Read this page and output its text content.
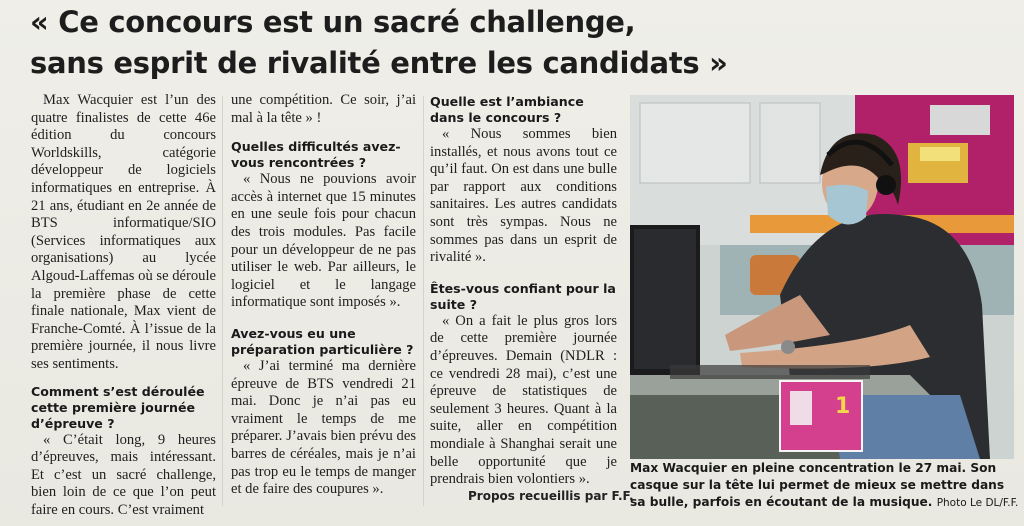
« Ce concours est un sacré challenge,
sans esprit de rivalité entre les candidats »

Max Wacquier est l’un des quatre finalistes de cette 46e édition du concours Worldskills, catégorie développeur de logiciels informatiques en entreprise. À 21 ans, étudiant en 2e année de BTS informatique/SIO (Services informatiques aux organisations) au lycée Algoud-Laffemas où se déroule la première phase de cette finale nationale, Max vient de Franche-Comté. À l’issue de la première journée, il nous livre ses sentiments.

Comment s’est déroulée cette première journée d’épreuve ?

« C’était long, 9 heures d’épreuves, mais intéressant. Et c’est un sacré challenge, bien loin de ce que l’on peut faire en cours. C’est vraiment

une compétition. Ce soir, j’ai mal à la tête » !

Quelles difficultés avez-vous rencontrées ?

« Nous ne pouvions avoir accès à internet que 15 minutes en une seule fois pour chacun des trois modules. Pas facile pour un développeur de ne pas utiliser le web. Par ailleurs, le logiciel et le langage informatique sont imposés ».

Avez-vous eu une préparation particulière ?

« J’ai terminé ma dernière épreuve de BTS vendredi 21 mai. Donc je n’ai pas eu vraiment le temps de me préparer. J’avais bien prévu des barres de céréales, mais je n’ai pas trop eu le temps de manger et de faire des coupures ».

Quelle est l’ambiance dans le concours ?

« Nous sommes bien installés, et nous avons tout ce qu’il faut. On est dans une bulle par rapport aux conditions sanitaires. Les autres candidats sont très sympas. Nous ne sommes pas dans un esprit de rivalité ».

Êtes-vous confiant pour la suite ?

« On a fait le plus gros lors de cette première journée d’épreuves. Demain (NDLR : ce vendredi 28 mai), c’est une épreuve de statistiques de seulement 3 heures. Quant à la suite, aller en compétition mondiale à Shanghai serait une belle opportunité que je prendrais bien volontiers ».

Propos recueillis par F.F.
1
Max Wacquier en pleine concentration le 27 mai. Son casque sur la tête lui permet de mieux se mettre dans sa bulle, parfois en écoutant de la musique. Photo Le DL/F.F.
